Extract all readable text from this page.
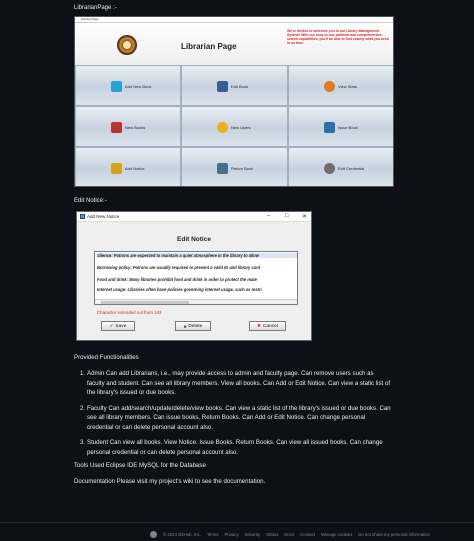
LibrarianPage :-
Faculty Page
Librarian Page
We're thrilled to welcome you to our Library Management System! With our easy-to-use platform and comprehensive search capabilities, you'll be able to find exactly what you need in no time.
Add New Book	Edit Book	View Stats
New Books	New Users	Issue Book
Add Notice	Return Book	Edit Credential
Edit Notice:-
Add New Notice	– □ ✕
Edit Notice
Silence: Patrons are expected to maintain a quiet atmosphere in the library to allow
Borrowing policy: Patrons are usually required to present a valid ID and library card
Food and drink: Many libraries prohibit food and drink in order to protect the mate
Internet usage: Libraries often have policies governing internet usage, such as restri
Character extended out from 143
✔ Save	■ Delete	✖ Cancel
Provided Functionalities
1. Admin Can add Librarians, i.e., may provide access to admin and faculty page. Can remove users such as faculty and student. Can see all library members. View all books. Can Add or Edit Notice. Can view a static list of the library's issued or due books.
2. Faculty Can add/search/update/delete/view books. Can view a static list of the library's issued or due books. Can see all library members. Can issue books. Return Books. Can Add or Edit Notice. Can change personal credential or can delete personal account also.
3. Student Can view all books. View Notice. Issue Books. Return Books. Can view all issued books. Can change personal credential or can delete personal account also.
Tools Used Eclipse IDE MySQL for the Database
Documentation Please visit my project's wiki to see the documentation.
© 2024 GitHub, Inc. Terms Privacy Security Status Docs Contact Manage cookies Do not share my personal information
